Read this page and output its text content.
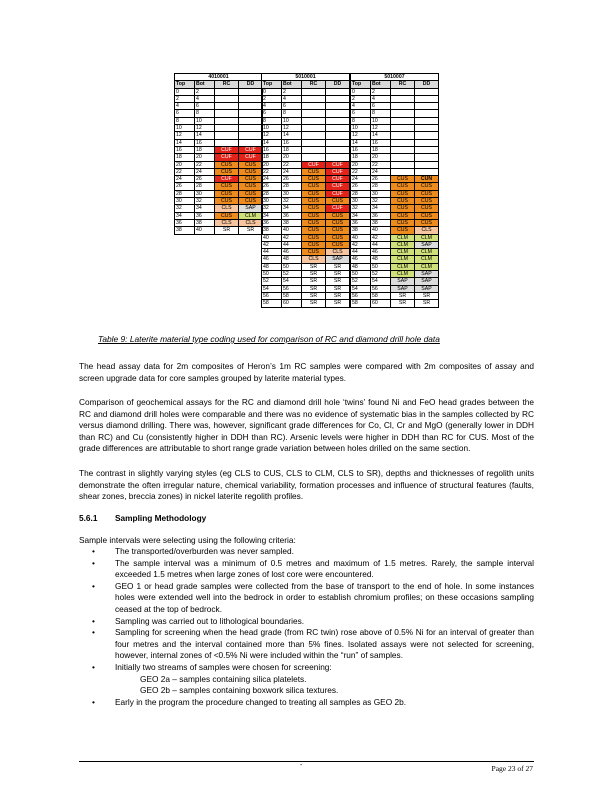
4010001			
Top	Bot	RC	DD
0	2		
2	4		
4	6		
6	8		
8	10		
10	12		
12	14		
14	16		
16	18	CUF	CUF
18	20	CUF	CUF
20	22	CUS	CUS
22	24	CUS	CUS
24	26	CUF	CUS
26	28	CUS	CUS
28	30	CUS	CUS
30	32	CUS	CUS
32	34	CLS	SAP
34	36	CUS	CLM
36	38	CLS	CLS
38	40	SR	SR
5010001			
Top	Bot	RC	DD
0	2		
2	4		
4	6		
6	8		
8	10		
10	12		
12	14		
14	16		
16	18		
18	20		
20	22	CUF	CUF
22	24	CUS	CUF
24	26	CUS	CUF
26	28	CUS	CUF
28	30	CUS	CUF
30	32	CUS	CUS
32	34	CUS	CUF
34	36	CUS	CUS
36	38	CUS	CUS
38	40	CUS	CUS
40	42	CUS	CUS
42	44	CUS	CUS
44	46	CUS	CLS
46	48	CLS	SAP
48	50	SR	SR
50	52	SR	SR
52	54	SR	SR
54	56	SR	SR
56	58	SR	SR
58	60	SR	SR
5010007			
Top	Bot	RC	DD
0	2		
2	4		
4	6		
6	8		
8	10		
10	12		
12	14		
14	16		
16	18		
18	20		
20	22		
22	24		
24	26	CUS	CUN
26	28	CUS	CUS
28	30	CUS	CUS
30	32	CUS	CUS
32	34	CUS	CUS
34	36	CUS	CUS
36	38	CUS	CUS
38	40	CUS	CLS
40	42	CLM	CLM
42	44	CLM	SAP
44	46	CLM	CLM
46	48	CLM	CLM
48	50	CLM	CLM
50	52	CLM	SAP
52	54	SAP	SAP
54	56	SAP	SAP
56	58	SR	SR
58	60	SR	SR
Table 9: Laterite material type coding used for comparison of RC and diamond drill hole data
The head assay data for 2m composites of Heron’s 1m RC samples were compared with 2m composites of assay and screen upgrade data for core samples grouped by laterite material types.
Comparison of geochemical assays for the RC and diamond drill hole ‘twins’ found Ni and FeO head grades between the RC and diamond drill holes were comparable and there was no evidence of systematic bias in the samples collected by RC versus diamond drilling. There was, however, significant grade differences for Co, Cl, Cr and MgO (generally lower in DDH than RC) and Cu (consistently higher in DDH than RC). Arsenic levels were higher in DDH than RC for CUS. Most of the grade differences are attributable to short range grade variation between holes drilled on the same section.
The contrast in slightly varying styles (eg CLS to CUS, CLS to CLM, CLS to SR), depths and thicknesses of regolith units demonstrate the often irregular nature, chemical variability, formation processes and influence of structural features (faults, shear zones, breccia zones) in nickel laterite regolith profiles.
5.6.1 Sampling Methodology
Sample intervals were selecting using the following criteria:
• The transported/overburden was never sampled.
• The sample interval was a minimum of 0.5 metres and maximum of 1.5 metres. Rarely, the sample interval exceeded 1.5 metres when large zones of lost core were encountered.
• GEO 1 or head grade samples were collected from the base of transport to the end of hole. In some instances holes were extended well into the bedrock in order to establish chromium profiles; on these occasions sampling ceased at the top of bedrock.
• Sampling was carried out to lithological boundaries.
• Sampling for screening when the head grade (from RC twin) rose above of 0.5% Ni for an interval of greater than four metres and the interval contained more than 5% fines. Isolated assays were not selected for screening, however, internal zones of <0.5% Ni were included within the “run” of samples.
• Initially two streams of samples were chosen for screening:
GEO 2a – samples containing silica platelets.
GEO 2b – samples containing boxwork silica textures.
• Early in the program the procedure changed to treating all samples as GEO 2b.
-	Page 23 of 27
